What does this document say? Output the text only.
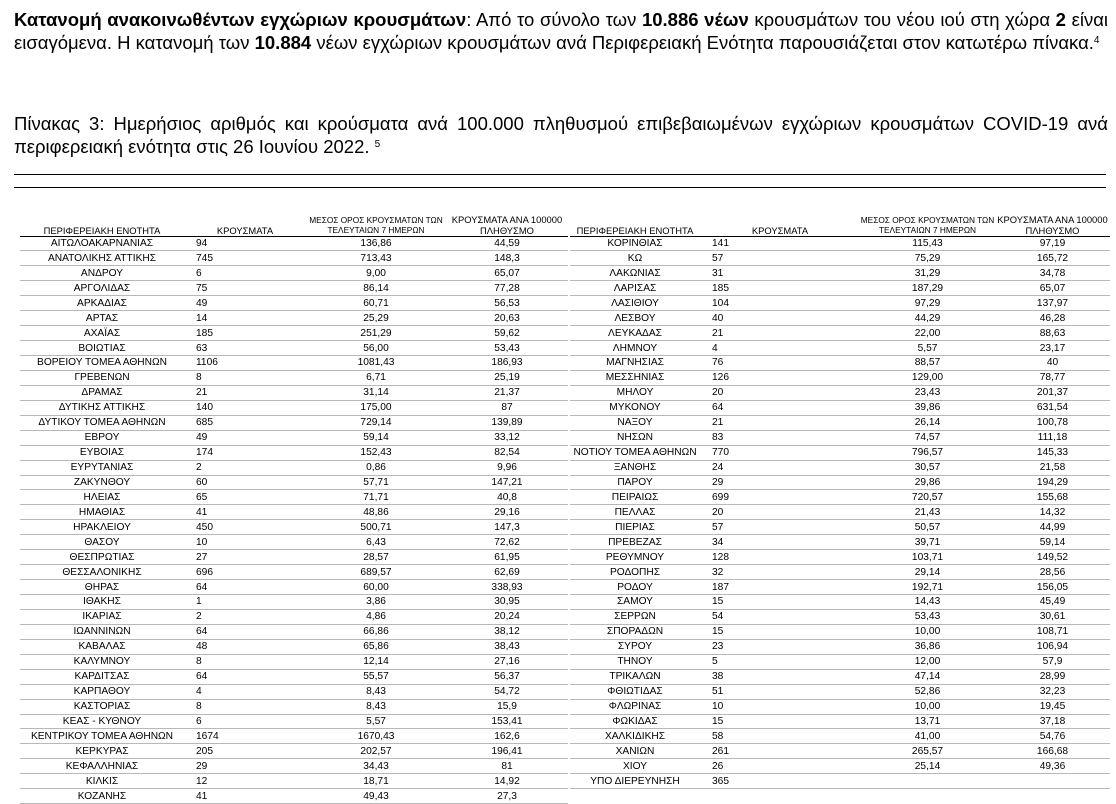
Κατανομή ανακοινωθέντων εγχώριων κρουσμάτων: Από το σύνολο των 10.886 νέων κρουσμάτων του νέου ιού στη χώρα 2 είναι εισαγόμενα. Η κατανομή των 10.884 νέων εγχώριων κρουσμάτων ανά Περιφερειακή Ενότητα παρουσιάζεται στον κατωτέρω πίνακα.$^4$
Πίνακας 3: Ημερήσιος αριθμός και κρούσματα ανά 100.000 πληθυσμού επιβεβαιωμένων εγχώριων κρουσμάτων COVID-19 ανά περιφερειακή ενότητα στις 26 Ιουνίου 2022. $^5$
ΠΕΡΙΦΕΡΕΙΑΚΗ ΕΝΟΤΗΤΑ	ΚΡΟΥΣΜΑΤΑ	ΜΕΣΟΣ ΟΡΟΣ ΚΡΟΥΣΜΑΤΩΝ ΤΩΝ ΤΕΛΕΥΤΑΙΩΝ 7 ΗΜΕΡΩΝ	ΚΡΟΥΣΜΑΤΑ ΑΝΑ 100000 ΠΛΗΘΥΣΜΟ
ΑΙΤΩΛΟΑΚΑΡΝΑΝΙΑΣ	94	136,86	44,59
ΑΝΑΤΟΛΙΚΗΣ ΑΤΤΙΚΗΣ	745	713,43	148,3
ΑΝΔΡΟΥ	6	9,00	65,07
ΑΡΓΟΛΙΔΑΣ	75	86,14	77,28
ΑΡΚΑΔΙΑΣ	49	60,71	56,53
ΑΡΤΑΣ	14	25,29	20,63
ΑΧΑΪΑΣ	185	251,29	59,62
ΒΟΙΩΤΙΑΣ	63	56,00	53,43
ΒΟΡΕΙΟΥ ΤΟΜΕΑ ΑΘΗΝΩΝ	1106	1081,43	186,93
ΓΡΕΒΕΝΩΝ	8	6,71	25,19
ΔΡΑΜΑΣ	21	31,14	21,37
ΔΥΤΙΚΗΣ ΑΤΤΙΚΗΣ	140	175,00	87
ΔΥΤΙΚΟΥ ΤΟΜΕΑ ΑΘΗΝΩΝ	685	729,14	139,89
ΕΒΡΟΥ	49	59,14	33,12
ΕΥΒΟΙΑΣ	174	152,43	82,54
ΕΥΡΥΤΑΝΙΑΣ	2	0,86	9,96
ΖΑΚΥΝΘΟΥ	60	57,71	147,21
ΗΛΕΙΑΣ	65	71,71	40,8
ΗΜΑΘΙΑΣ	41	48,86	29,16
ΗΡΑΚΛΕΙΟΥ	450	500,71	147,3
ΘΑΣΟΥ	10	6,43	72,62
ΘΕΣΠΡΩΤΙΑΣ	27	28,57	61,95
ΘΕΣΣΑΛΟΝΙΚΗΣ	696	689,57	62,69
ΘΗΡΑΣ	64	60,00	338,93
ΙΘΑΚΗΣ	1	3,86	30,95
ΙΚΑΡΙΑΣ	2	4,86	20,24
ΙΩΑΝΝΙΝΩΝ	64	66,86	38,12
ΚΑΒΑΛΑΣ	48	65,86	38,43
ΚΑΛΥΜΝΟΥ	8	12,14	27,16
ΚΑΡΔΙΤΣΑΣ	64	55,57	56,37
ΚΑΡΠΑΘΟΥ	4	8,43	54,72
ΚΑΣΤΟΡΙΑΣ	8	8,43	15,9
ΚΕΑΣ - ΚΥΘΝΟΥ	6	5,57	153,41
ΚΕΝΤΡΙΚΟΥ ΤΟΜΕΑ ΑΘΗΝΩΝ	1674	1670,43	162,6
ΚΕΡΚΥΡΑΣ	205	202,57	196,41
ΚΕΦΑΛΛΗΝΙΑΣ	29	34,43	81
ΚΙΛΚΙΣ	12	18,71	14,92
ΚΟΖΑΝΗΣ	41	49,43	27,3
ΠΕΡΙΦΕΡΕΙΑΚΗ ΕΝΟΤΗΤΑ	ΚΡΟΥΣΜΑΤΑ	ΜΕΣΟΣ ΟΡΟΣ ΚΡΟΥΣΜΑΤΩΝ ΤΩΝ ΤΕΛΕΥΤΑΙΩΝ 7 ΗΜΕΡΩΝ	ΚΡΟΥΣΜΑΤΑ ΑΝΑ 100000 ΠΛΗΘΥΣΜΟ
ΚΟΡΙΝΘΙΑΣ	141	115,43	97,19
ΚΩ	57	75,29	165,72
ΛΑΚΩΝΙΑΣ	31	31,29	34,78
ΛΑΡΙΣΑΣ	185	187,29	65,07
ΛΑΣΙΘΙΟΥ	104	97,29	137,97
ΛΕΣΒΟΥ	40	44,29	46,28
ΛΕΥΚΑΔΑΣ	21	22,00	88,63
ΛΗΜΝΟΥ	4	5,57	23,17
ΜΑΓΝΗΣΙΑΣ	76	88,57	40
ΜΕΣΣΗΝΙΑΣ	126	129,00	78,77
ΜΗΛΟΥ	20	23,43	201,37
ΜΥΚΟΝΟΥ	64	39,86	631,54
ΝΑΞΟΥ	21	26,14	100,78
ΝΗΣΩΝ	83	74,57	111,18
ΝΟΤΙΟΥ ΤΟΜΕΑ ΑΘΗΝΩΝ	770	796,57	145,33
ΞΑΝΘΗΣ	24	30,57	21,58
ΠΑΡΟΥ	29	29,86	194,29
ΠΕΙΡΑΙΩΣ	699	720,57	155,68
ΠΕΛΛΑΣ	20	21,43	14,32
ΠΙΕΡΙΑΣ	57	50,57	44,99
ΠΡΕΒΕΖΑΣ	34	39,71	59,14
ΡΕΘΥΜΝΟΥ	128	103,71	149,52
ΡΟΔΟΠΗΣ	32	29,14	28,56
ΡΟΔΟΥ	187	192,71	156,05
ΣΑΜΟΥ	15	14,43	45,49
ΣΕΡΡΩΝ	54	53,43	30,61
ΣΠΟΡΑΔΩΝ	15	10,00	108,71
ΣΥΡΟΥ	23	36,86	106,94
ΤΗΝΟΥ	5	12,00	57,9
ΤΡΙΚΑΛΩΝ	38	47,14	28,99
ΦΘΙΩΤΙΔΑΣ	51	52,86	32,23
ΦΛΩΡΙΝΑΣ	10	10,00	19,45
ΦΩΚΙΔΑΣ	15	13,71	37,18
ΧΑΛΚΙΔΙΚΗΣ	58	41,00	54,76
ΧΑΝΙΩΝ	261	265,57	166,68
ΧΙΟΥ	26	25,14	49,36
ΥΠΟ ΔΙΕΡΕΥΝΗΣΗ	365		
